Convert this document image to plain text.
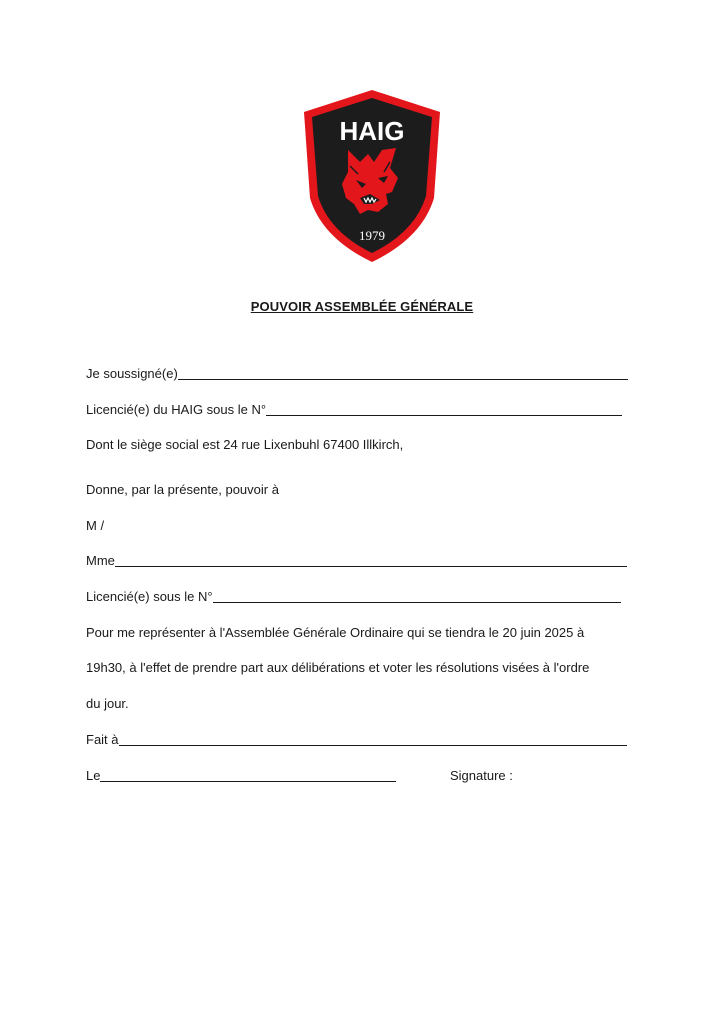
HAIG
1979
POUVOIR ASSEMBLÉE GÉNÉRALE
Je soussigné(e)
Licencié(e) du HAIG sous le N°
Dont le siège social est 24 rue Lixenbuhl 67400 Illkirch,
Donne, par la présente, pouvoir à
M /
Mme
Licencié(e) sous le N°
Pour me représenter à l'Assemblée Générale Ordinaire qui se tiendra le 20 juin 2025 à
19h30, à l'effet de prendre part aux délibérations et voter les résolutions visées à l'ordre
du jour.
Fait à
Le	Signature :
